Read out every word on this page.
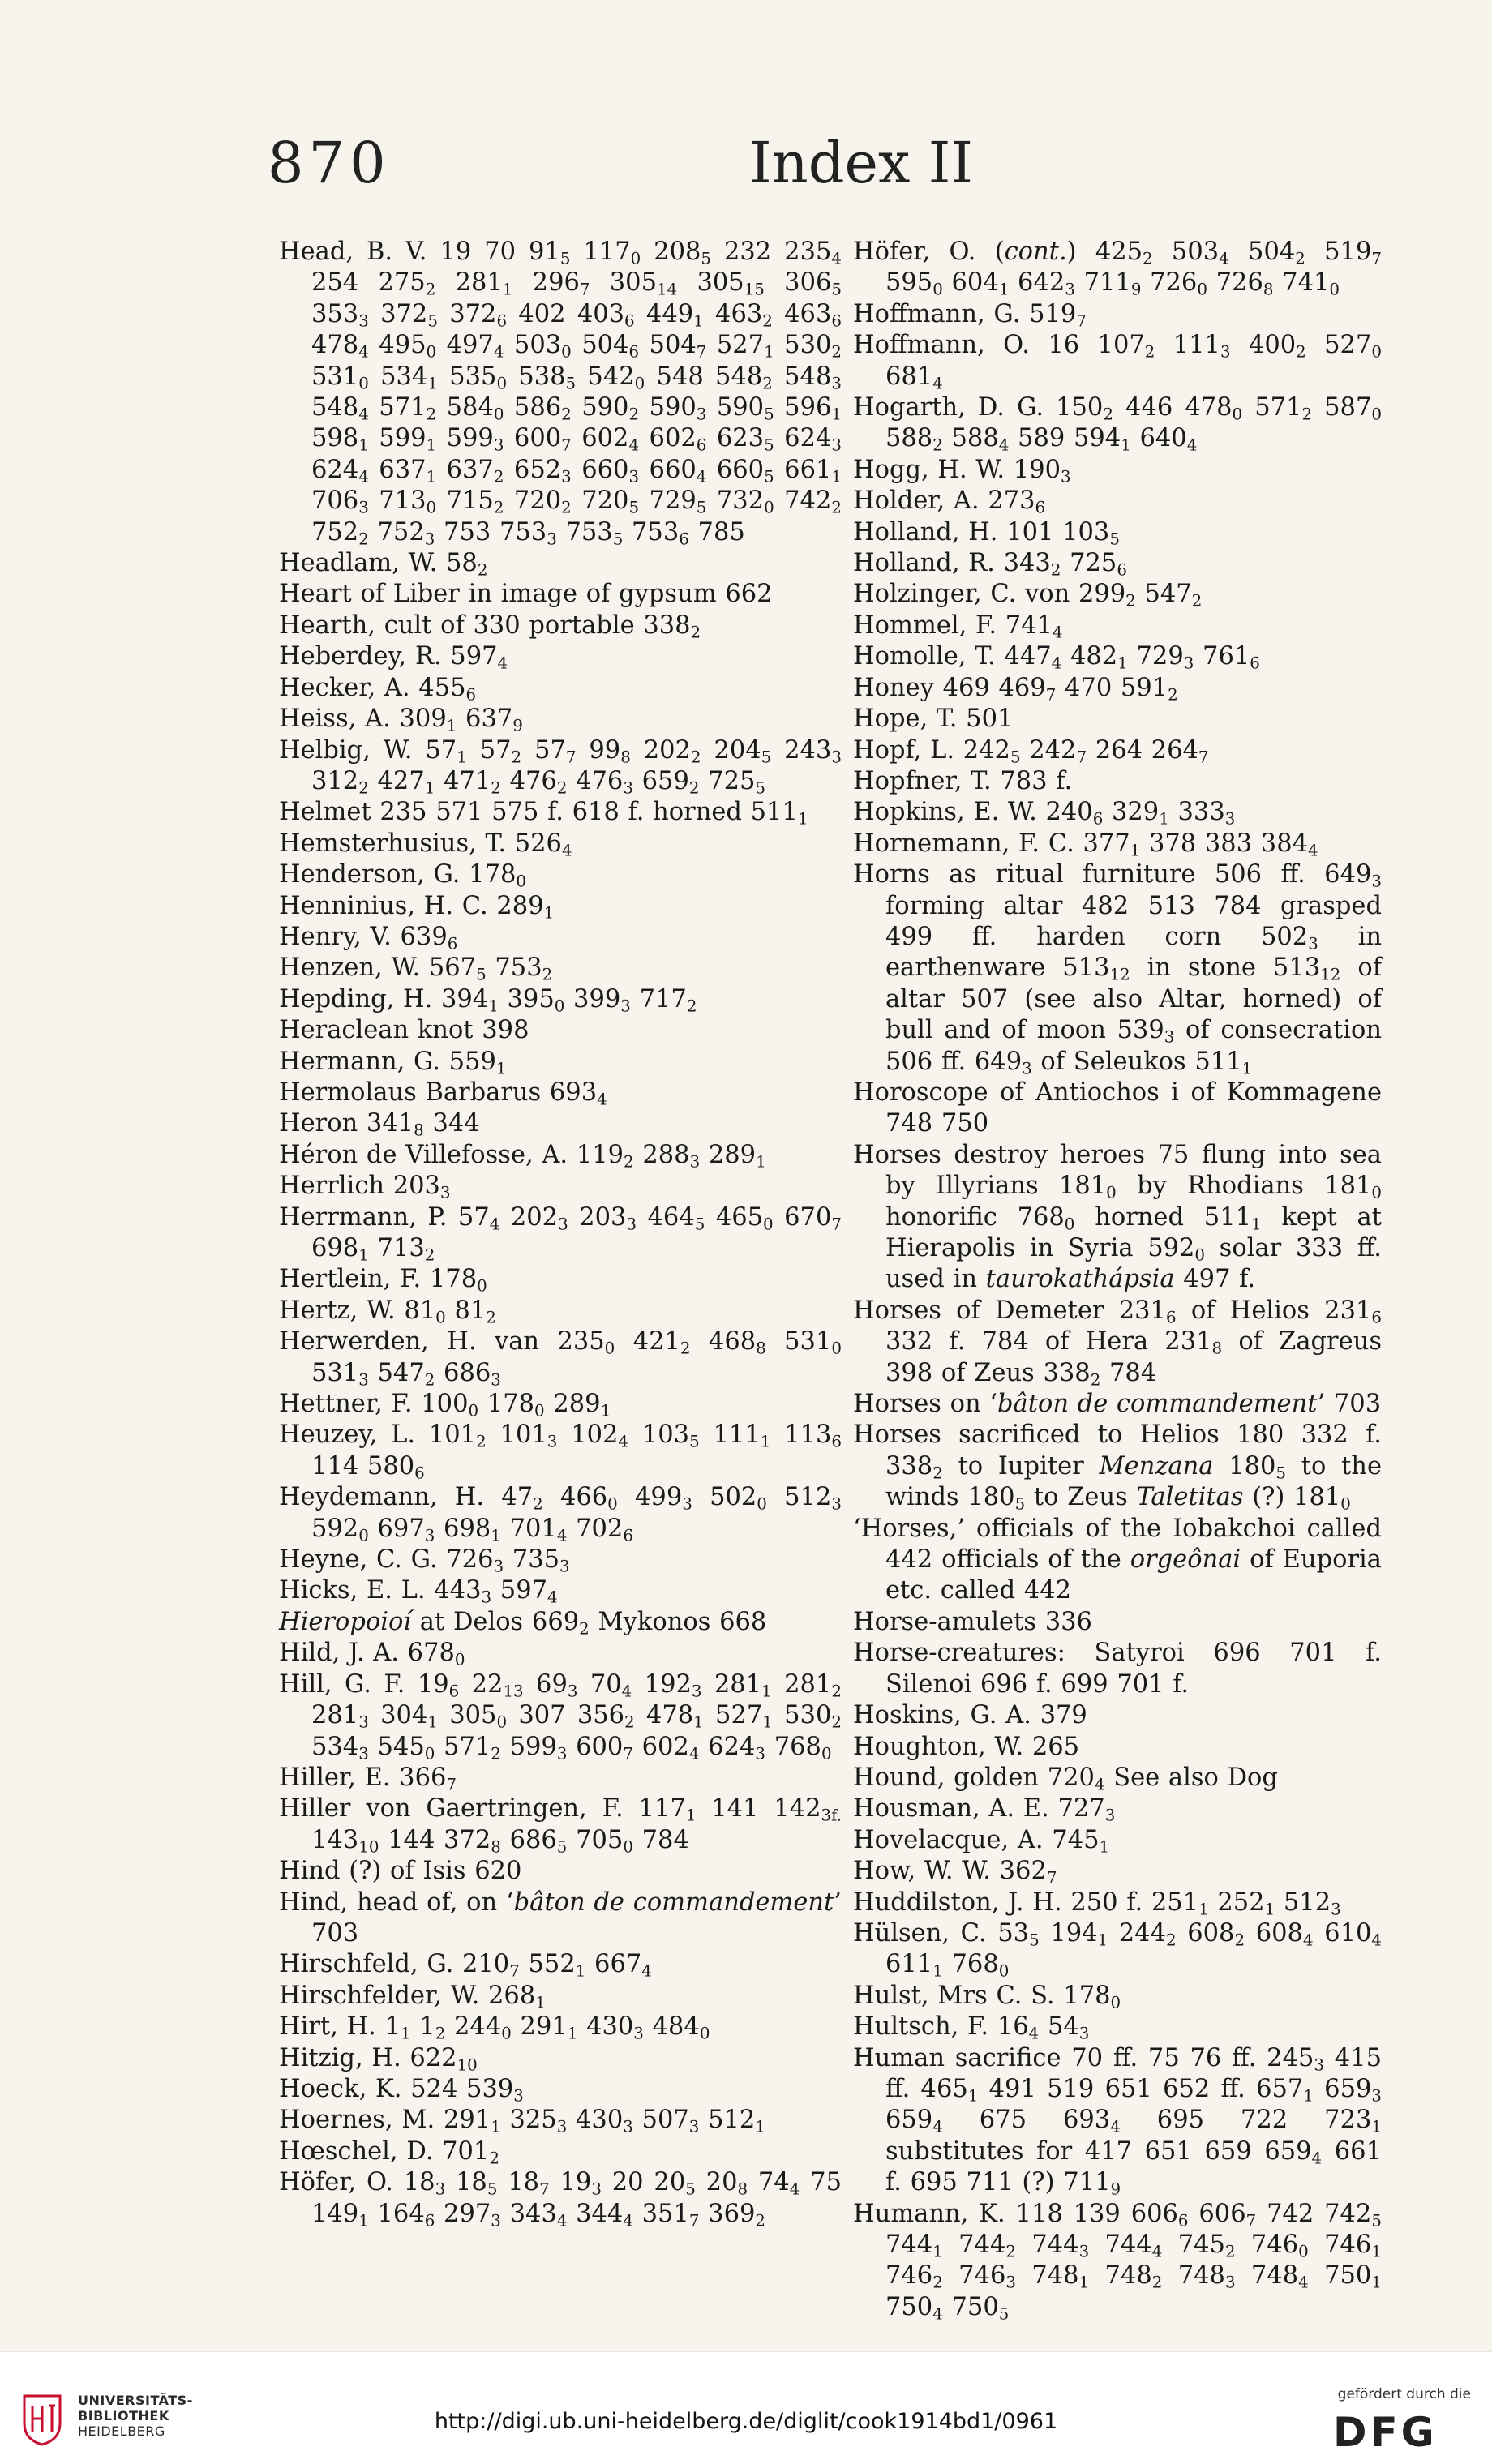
870	Index II

Head, B. V. 19 70 $91_5$ $117_0$ $208_5$ 232 $235_4$ 254 $275_2$ $281_1$ $296_7$ $305_{14}$ $305_{15}$ $306_5$ $353_3$ $372_5$ $372_6$ 402 $403_6$ $449_1$ $463_2$ $463_6$ $478_4$ $495_0$ $497_4$ $503_0$ $504_6$ $504_7$ $527_1$ $530_2$ $531_0$ $534_1$ $535_0$ $538_5$ $542_0$ 548 $548_2$ $548_3$ $548_4$ $571_2$ $584_0$ $586_2$ $590_2$ $590_3$ $590_5$ $596_1$ $598_1$ $599_1$ $599_3$ $600_7$ $602_4$ $602_6$ $623_5$ $624_3$ $624_4$ $637_1$ $637_2$ $652_3$ $660_3$ $660_4$ $660_5$ $661_1$ $706_3$ $713_0$ $715_2$ $720_2$ $720_5$ $729_5$ $732_0$ $742_2$ $752_2$ $752_3$ 753 $753_3$ $753_5$ $753_6$ 785

Headlam, W. $58_2$

Heart of Liber in image of gypsum 662

Hearth, cult of 330 portable $338_2$

Heberdey, R. $597_4$

Hecker, A. $455_6$

Heiss, A. $309_1$ $637_9$

Helbig, W. $57_1$ $57_2$ $57_7$ $99_8$ $202_2$ $204_5$ $243_3$ $312_2$ $427_1$ $471_2$ $476_2$ $476_3$ $659_2$ $725_5$

Helmet 235 571 575 f. 618 f. horned $511_1$

Hemsterhusius, T. $526_4$

Henderson, G. $178_0$

Henninius, H. C. $289_1$

Henry, V. $639_6$

Henzen, W. $567_5$ $753_2$

Hepding, H. $394_1$ $395_0$ $399_3$ $717_2$

Heraclean knot 398

Hermann, G. $559_1$

Hermolaus Barbarus $693_4$

Heron $341_8$ 344

Héron de Villefosse, A. $119_2$ $288_3$ $289_1$

Herrlich $203_3$

Herrmann, P. $57_4$ $202_3$ $203_3$ $464_5$ $465_0$ $670_7$ $698_1$ $713_2$

Hertlein, F. $178_0$

Hertz, W. $81_0$ $81_2$

Herwerden, H. van $235_0$ $421_2$ $468_8$ $531_0$ $531_3$ $547_2$ $686_3$

Hettner, F. $100_0$ $178_0$ $289_1$

Heuzey, L. $101_2$ $101_3$ $102_4$ $103_5$ $111_1$ $113_6$ 114 $580_6$

Heydemann, H. $47_2$ $466_0$ $499_3$ $502_0$ $512_3$ $592_0$ $697_3$ $698_1$ $701_4$ $702_6$

Heyne, C. G. $726_3$ $735_3$

Hicks, E. L. $443_3$ $597_4$

Hieropoioí at Delos $669_2$ Mykonos 668

Hild, J. A. $678_0$

Hill, G. F. $19_6$ $22_{13}$ $69_3$ $70_4$ $192_3$ $281_1$ $281_2$ $281_3$ $304_1$ $305_0$ 307 $356_2$ $478_1$ $527_1$ $530_2$ $534_3$ $545_0$ $571_2$ $599_3$ $600_7$ $602_4$ $624_3$ $768_0$

Hiller, E. $366_7$

Hiller von Gaertringen, F. $117_1$ 141 $142_{3f.}$ $143_{10}$ 144 $372_8$ $686_5$ $705_0$ 784

Hind (?) of Isis 620

Hind, head of, on ‘bâton de commandement’ 703

Hirschfeld, G. $210_7$ $552_1$ $667_4$

Hirschfelder, W. $268_1$

Hirt, H. $1_1$ $1_2$ $244_0$ $291_1$ $430_3$ $484_0$

Hitzig, H. $622_{10}$

Hoeck, K. 524 $539_3$

Hoernes, M. $291_1$ $325_3$ $430_3$ $507_3$ $512_1$

Hœschel, D. $701_2$

Höfer, O. $18_3$ $18_5$ $18_7$ $19_3$ 20 $20_5$ $20_8$ $74_4$ 75 $149_1$ $164_6$ $297_3$ $343_4$ $344_4$ $351_7$ $369_2$

Höfer, O. (cont.) $425_2$ $503_4$ $504_2$ $519_7$ $595_0$ $604_1$ $642_3$ $711_9$ $726_0$ $726_8$ $741_0$

Hoffmann, G. $519_7$

Hoffmann, O. 16 $107_2$ $111_3$ $400_2$ $527_0$ $681_4$

Hogarth, D. G. $150_2$ 446 $478_0$ $571_2$ $587_0$ $588_2$ $588_4$ 589 $594_1$ $640_4$

Hogg, H. W. $190_3$

Holder, A. $273_6$

Holland, H. 101 $103_5$

Holland, R. $343_2$ $725_6$

Holzinger, C. von $299_2$ $547_2$

Hommel, F. $741_4$

Homolle, T. $447_4$ $482_1$ $729_3$ $761_6$

Honey 469 $469_7$ 470 $591_2$

Hope, T. 501

Hopf, L. $242_5$ $242_7$ 264 $264_7$

Hopfner, T. 783 f.

Hopkins, E. W. $240_6$ $329_1$ $333_3$

Hornemann, F. C. $377_1$ 378 383 $384_4$

Horns as ritual furniture 506 ff. $649_3$ forming altar 482 513 784 grasped 499 ff. harden corn $502_3$ in earthenware $513_{12}$ in stone $513_{12}$ of altar 507 (see also Altar, horned) of bull and of moon $539_3$ of consecration 506 ff. $649_3$ of Seleukos $511_1$

Horoscope of Antiochos i of Kommagene 748 750

Horses destroy heroes 75 flung into sea by Illyrians $181_0$ by Rhodians $181_0$ honorific $768_0$ horned $511_1$ kept at Hierapolis in Syria $592_0$ solar 333 ff. used in taurokathápsia 497 f.

Horses of Demeter $231_6$ of Helios $231_6$ 332 f. 784 of Hera $231_8$ of Zagreus 398 of Zeus $338_2$ 784

Horses on ‘bâton de commandement’ 703

Horses sacrificed to Helios 180 332 f. $338_2$ to Iupiter Menzana $180_5$ to the winds $180_5$ to Zeus Taletitas (?) $181_0$

‘Horses,’ officials of the Iobakchoi called 442 officials of the orgeônai of Euporia etc. called 442

Horse-amulets 336

Horse-creatures: Satyroi 696 701 f. Silenoi 696 f. 699 701 f.

Hoskins, G. A. 379

Houghton, W. 265

Hound, golden $720_4$ See also Dog

Housman, A. E. $727_3$

Hovelacque, A. $745_1$

How, W. W. $362_7$

Huddilston, J. H. 250 f. $251_1$ $252_1$ $512_3$

Hülsen, C. $53_5$ $194_1$ $244_2$ $608_2$ $608_4$ $610_4$ $611_1$ $768_0$

Hulst, Mrs C. S. $178_0$

Hultsch, F. $16_4$ $54_3$

Human sacrifice 70 ff. 75 76 ff. $245_3$ 415 ff. $465_1$ 491 519 651 652 ff. $657_1$ $659_3$ $659_4$ 675 $693_4$ 695 722 $723_1$ substitutes for 417 651 659 $659_4$ 661 f. 695 711 (?) $711_9$

Humann, K. 118 139 $606_6$ $606_7$ 742 $742_5$ $744_1$ $744_2$ $744_3$ $744_4$ $745_2$ $746_0$ $746_1$ $746_2$ $746_3$ $748_1$ $748_2$ $748_3$ $748_4$ $750_1$ $750_4$ $750_5$

UNIVERSITÄTS-
BIBLIOTHEK
HEIDELBERG	http://digi.ub.uni-heidelberg.de/diglit/cook1914bd1/0961
gefördert durch die
DFG
